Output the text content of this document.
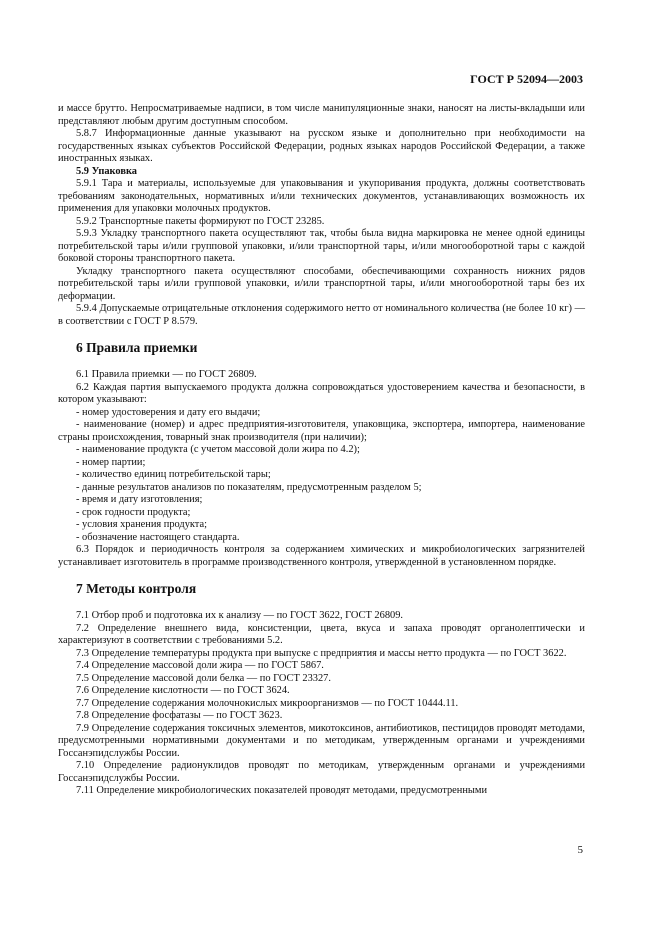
ГОСТ Р 52094—2003

и массе брутто. Непросматриваемые надписи, в том числе манипуляционные знаки, наносят на листы-вкладыши или представляют любым другим доступным способом.

5.8.7 Информационные данные указывают на русском языке и дополнительно при необходимости на государственных языках субъектов Российской Федерации, родных языках народов Российской Федерации, а также иностранных языках.

5.9 Упаковка

5.9.1 Тара и материалы, используемые для упаковывания и укупоривания продукта, должны соответствовать требованиям законодательных, нормативных и/или технических документов, устанавливающих возможность их применения для упаковки молочных продуктов.

5.9.2 Транспортные пакеты формируют по ГОСТ 23285.

5.9.3 Укладку транспортного пакета осуществляют так, чтобы была видна маркировка не менее одной единицы потребительской тары и/или групповой упаковки, и/или транспортной тары, и/или многооборотной тары с каждой боковой стороны транспортного пакета.

Укладку транспортного пакета осуществляют способами, обеспечивающими сохранность нижних рядов потребительской тары и/или групповой упаковки, и/или транспортной тары, и/или многооборотной тары без их деформации.

5.9.4 Допускаемые отрицательные отклонения содержимого нетто от номинального количества (не более 10 кг) — в соответствии с ГОСТ Р 8.579.

6 Правила приемки

6.1 Правила приемки — по ГОСТ 26809.

6.2 Каждая партия выпускаемого продукта должна сопровождаться удостоверением качества и безопасности, в котором указывают:

- номер удостоверения и дату его выдачи;

- наименование (номер) и адрес предприятия-изготовителя, упаковщика, экспортера, импортера, наименование страны происхождения, товарный знак производителя (при наличии);

- наименование продукта (с учетом массовой доли жира по 4.2);

- номер партии;

- количество единиц потребительской тары;

- данные результатов анализов по показателям, предусмотренным разделом 5;

- время и дату изготовления;

- срок годности продукта;

- условия хранения продукта;

- обозначение настоящего стандарта.

6.3 Порядок и периодичность контроля за содержанием химических и микробиологических загрязнителей устанавливает изготовитель в программе производственного контроля, утвержденной в установленном порядке.

7 Методы контроля

7.1 Отбор проб и подготовка их к анализу — по ГОСТ 3622, ГОСТ 26809.

7.2 Определение внешнего вида, консистенции, цвета, вкуса и запаха проводят органолептически и характеризуют в соответствии с требованиями 5.2.

7.3 Определение температуры продукта при выпуске с предприятия и массы нетто продукта — по ГОСТ 3622.

7.4 Определение массовой доли жира — по ГОСТ 5867.

7.5 Определение массовой доли белка — по ГОСТ 23327.

7.6 Определение кислотности — по ГОСТ 3624.

7.7 Определение содержания молочнокислых микроорганизмов — по ГОСТ 10444.11.

7.8 Определение фосфатазы — по ГОСТ 3623.

7.9 Определение содержания токсичных элементов, микотоксинов, антибиотиков, пестицидов проводят методами, предусмотренными нормативными документами и по методикам, утвержденным органами и учреждениями Госсанэпидслужбы России.

7.10 Определение радионуклидов проводят по методикам, утвержденным органами и учреждениями Госсанэпидслужбы России.

7.11 Определение микробиологических показателей проводят методами, предусмотренными

5
